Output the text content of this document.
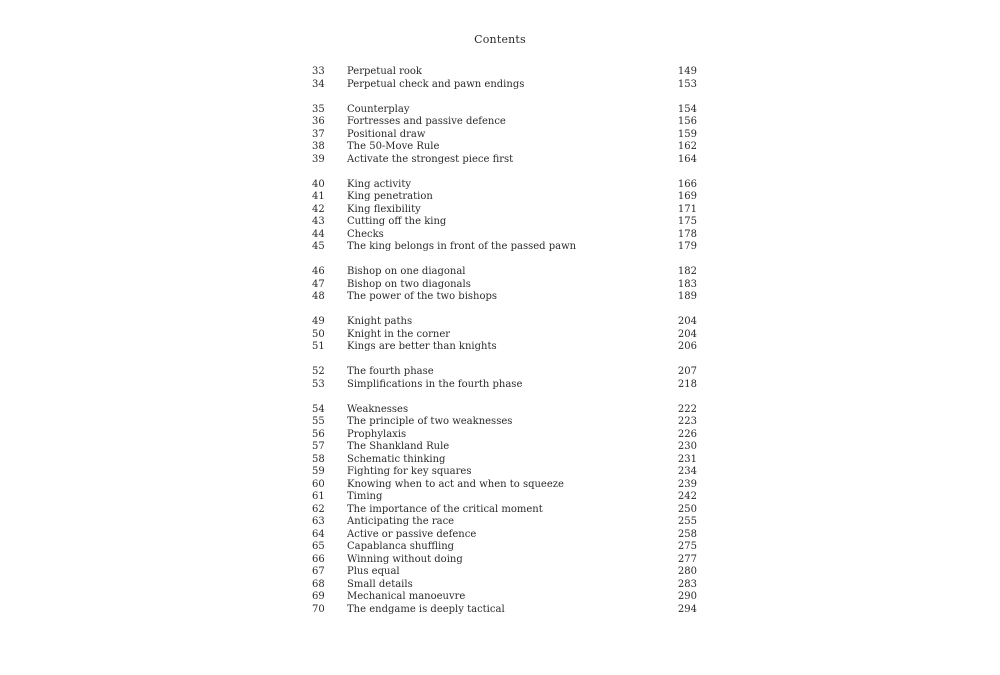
Contents
33	Perpetual rook	149
34	Perpetual check and pawn endings	153
35	Counterplay	154
36	Fortresses and passive defence	156
37	Positional draw	159
38	The 50-Move Rule	162
39	Activate the strongest piece first	164
40	King activity	166
41	King penetration	169
42	King flexibility	171
43	Cutting off the king	175
44	Checks	178
45	The king belongs in front of the passed pawn	179
46	Bishop on one diagonal	182
47	Bishop on two diagonals	183
48	The power of the two bishops	189
49	Knight paths	204
50	Knight in the corner	204
51	Kings are better than knights	206
52	The fourth phase	207
53	Simplifications in the fourth phase	218
54	Weaknesses	222
55	The principle of two weaknesses	223
56	Prophylaxis	226
57	The Shankland Rule	230
58	Schematic thinking	231
59	Fighting for key squares	234
60	Knowing when to act and when to squeeze	239
61	Timing	242
62	The importance of the critical moment	250
63	Anticipating the race	255
64	Active or passive defence	258
65	Capablanca shuffling	275
66	Winning without doing	277
67	Plus equal	280
68	Small details	283
69	Mechanical manoeuvre	290
70	The endgame is deeply tactical	294
